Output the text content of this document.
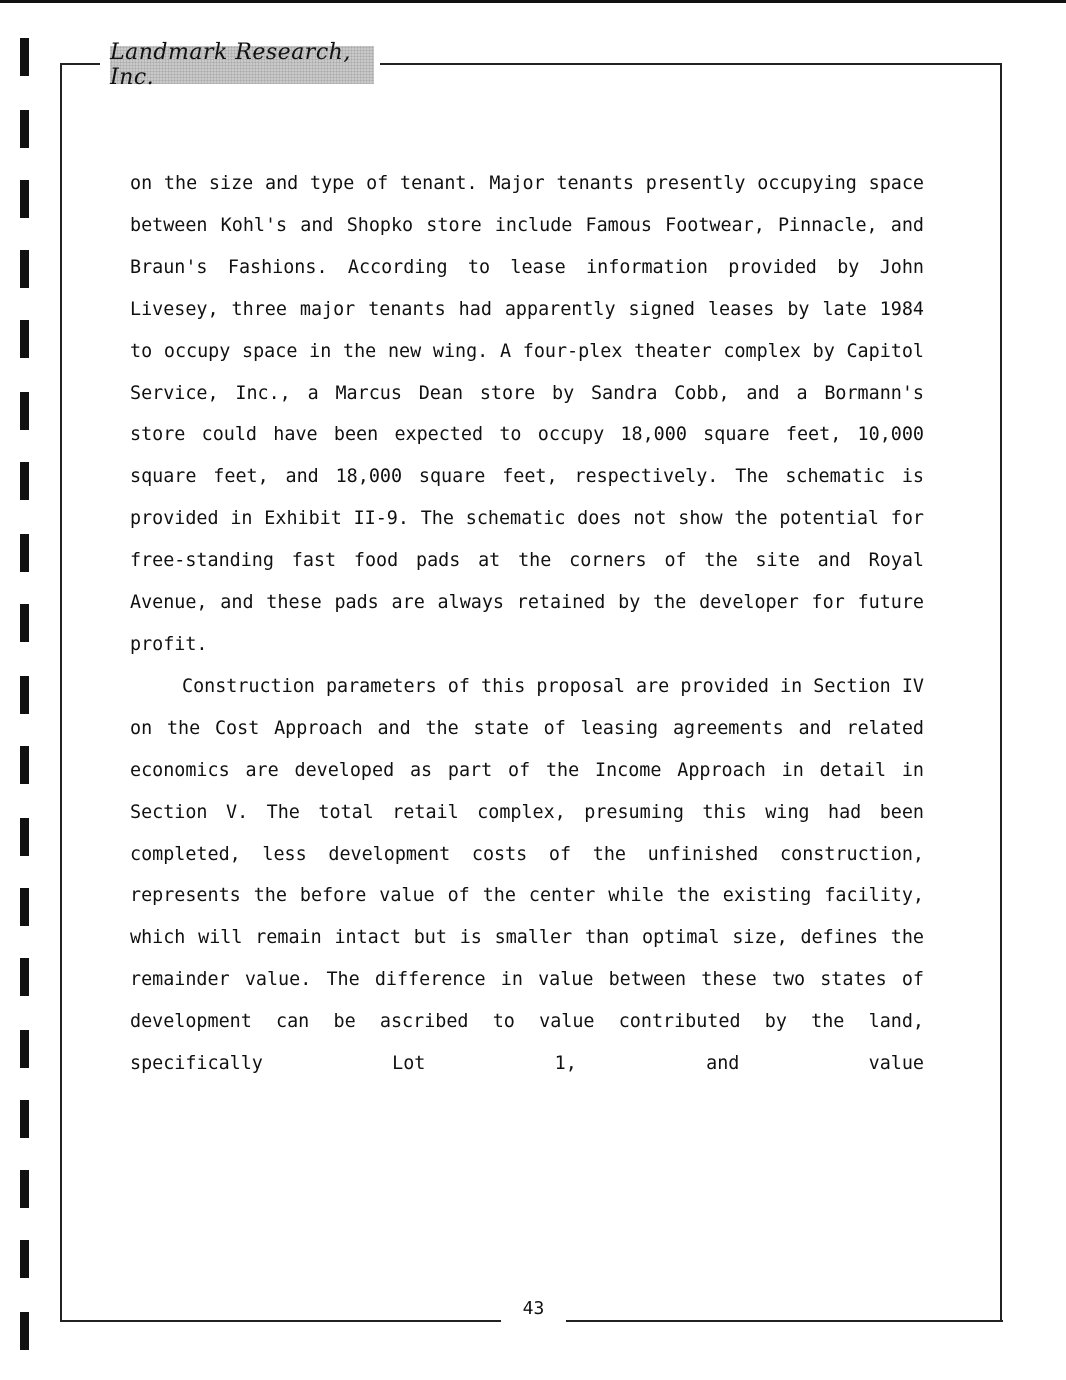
Landmark Research, Inc.

on the size and type of tenant. Major tenants presently occupying space between Kohl's and Shopko store include Famous Footwear, Pinnacle, and Braun's Fashions. According to lease information provided by John Livesey, three major tenants had apparently signed leases by late 1984 to occupy space in the new wing. A four-plex theater complex by Capitol Service, Inc., a Marcus Dean store by Sandra Cobb, and a Bormann's store could have been expected to occupy 18,000 square feet, 10,000 square feet, and 18,000 square feet, respectively. The schematic is provided in Exhibit II-9. The schematic does not show the potential for free-standing fast food pads at the corners of the site and Royal Avenue, and these pads are always retained by the developer for future profit.

Construction parameters of this proposal are provided in Section IV on the Cost Approach and the state of leasing agreements and related economics are developed as part of the Income Approach in detail in Section V. The total retail complex, presuming this wing had been completed, less development costs of the unfinished construction, represents the before value of the center while the existing facility, which will remain intact but is smaller than optimal size, defines the remainder value. The difference in value between these two states of development can be ascribed to value contributed by the land, specifically Lot 1, and value

43
